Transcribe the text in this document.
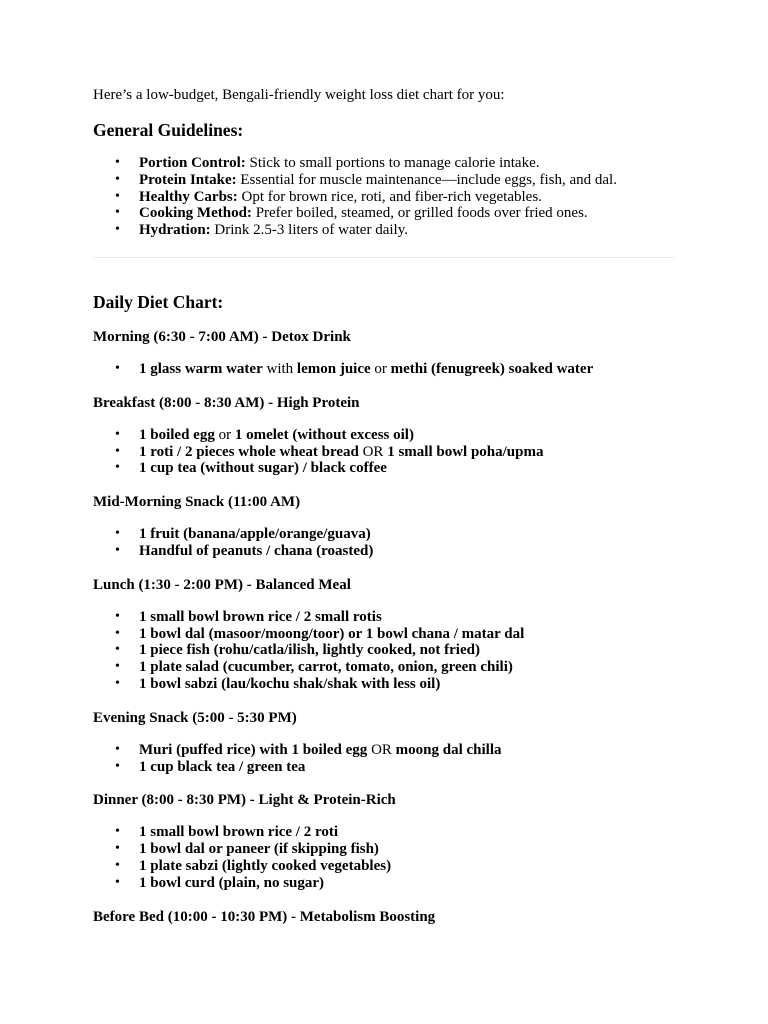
Here’s a low-budget, Bengali-friendly weight loss diet chart for you:

General Guidelines:
• Portion Control: Stick to small portions to manage calorie intake.
• Protein Intake: Essential for muscle maintenance—include eggs, fish, and dal.
• Healthy Carbs: Opt for brown rice, roti, and fiber-rich vegetables.
• Cooking Method: Prefer boiled, steamed, or grilled foods over fried ones.
• Hydration: Drink 2.5-3 liters of water daily.
Daily Diet Chart:

Morning (6:30 - 7:00 AM) - Detox Drink

• 1 glass warm water with lemon juice or methi (fenugreek) soaked water

Breakfast (8:00 - 8:30 AM) - High Protein

• 1 boiled egg or 1 omelet (without excess oil)
• 1 roti / 2 pieces whole wheat bread OR 1 small bowl poha/upma
• 1 cup tea (without sugar) / black coffee

Mid-Morning Snack (11:00 AM)

• 1 fruit (banana/apple/orange/guava)
• Handful of peanuts / chana (roasted)

Lunch (1:30 - 2:00 PM) - Balanced Meal

• 1 small bowl brown rice / 2 small rotis
• 1 bowl dal (masoor/moong/toor) or 1 bowl chana / matar dal
• 1 piece fish (rohu/catla/ilish, lightly cooked, not fried)
• 1 plate salad (cucumber, carrot, tomato, onion, green chili)
• 1 bowl sabzi (lau/kochu shak/shak with less oil)

Evening Snack (5:00 - 5:30 PM)

• Muri (puffed rice) with 1 boiled egg OR moong dal chilla
• 1 cup black tea / green tea

Dinner (8:00 - 8:30 PM) - Light & Protein-Rich

• 1 small bowl brown rice / 2 roti
• 1 bowl dal or paneer (if skipping fish)
• 1 plate sabzi (lightly cooked vegetables)
• 1 bowl curd (plain, no sugar)

Before Bed (10:00 - 10:30 PM) - Metabolism Boosting
